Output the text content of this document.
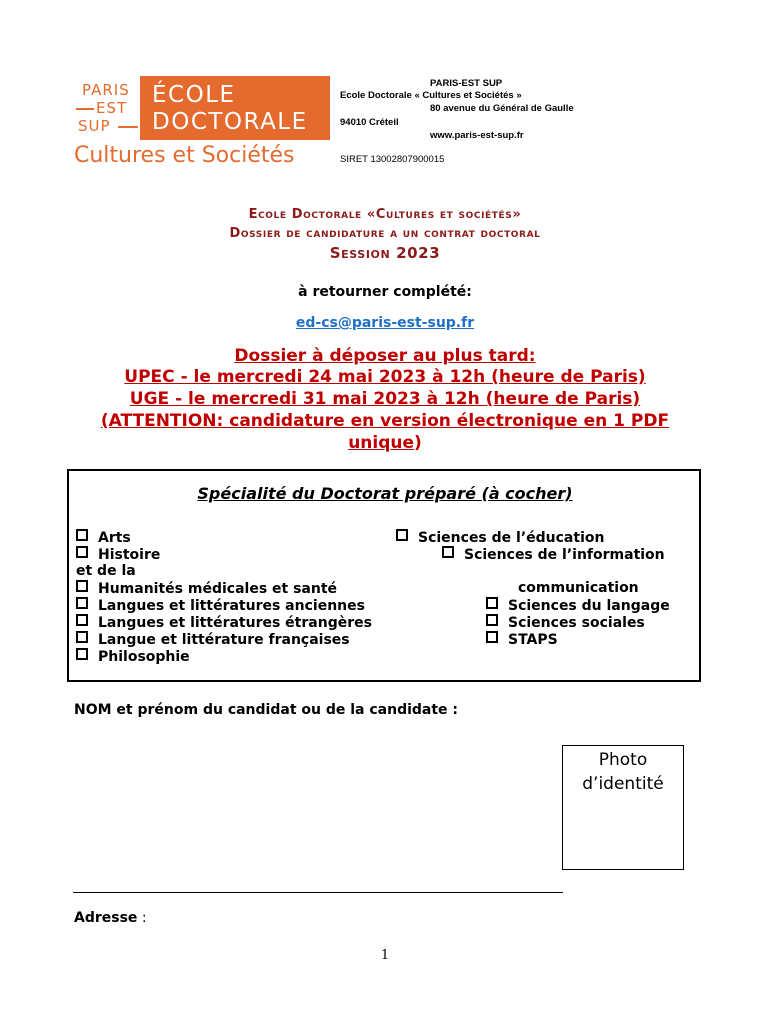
PARIS
EST
SUP
ÉCOLE
DOCTORALE
Cultures et Sociétés
PARIS-EST SUP
Ecole Doctorale « Cultures et Sociétés »
80 avenue du Général de Gaulle
94010 Créteil
www.paris-est-sup.fr
SIRET 13002807900015
Ecole Doctorale «Cultures et sociétés»
Dossier de candidature a un contrat doctoral
Session 2023
à retourner complété:
ed-cs@paris-est-sup.fr
Dossier à déposer au plus tard:
UPEC - le mercredi 24 mai 2023 à 12h (heure de Paris)
UGE - le mercredi 31 mai 2023 à 12h (heure de Paris)
(ATTENTION: candidature en version électronique en 1 PDF
unique)
Spécialité du Doctorat préparé (à cocher)
Arts
Histoire
et de la
Humanités médicales et santé
Langues et littératures anciennes
Langues et littératures étrangères
Langue et littérature françaises
Philosophie
Sciences de l’éducation
Sciences de l’information
communication
Sciences du langage
Sciences sociales
STAPS
NOM et prénom du candidat ou de la candidate :
Photo
d’identité
Adresse :
1
